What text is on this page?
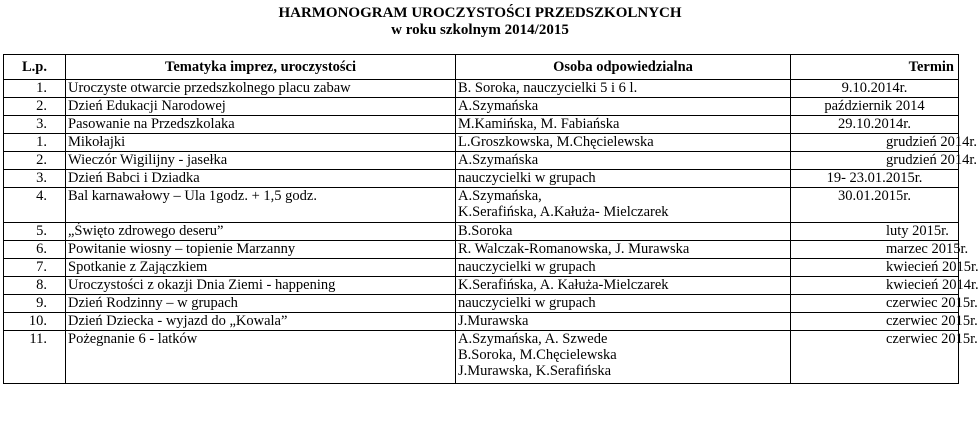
HARMONOGRAM UROCZYSTOŚCI PRZEDSZKOLNYCH
w roku szkolnym 2014/2015
L.p.	Tematyka imprez, uroczystości	Osoba odpowiedzialna	Termin
1.	Uroczyste otwarcie przedszkolnego placu zabaw	B. Soroka, nauczycielki 5 i 6 l.	9.10.2014r.
2.	Dzień Edukacji Narodowej	A.Szymańska	październik 2014
3.	Pasowanie na Przedszkolaka	M.Kamińska, M. Fabiańska	29.10.2014r.
1.	Mikołajki	L.Groszkowska, M.Chęcielewska	grudzień 2014r.
2.	Wieczór Wigilijny - jasełka	A.Szymańska	grudzień 2014r.
3.	Dzień Babci i Dziadka	nauczycielki w grupach	19- 23.01.2015r.
4.	Bal karnawałowy – Ula 1godz. + 1,5 godz.	A.Szymańska,
K.Serafińska, A.Kałuża- Mielczarek	30.01.2015r.
5.	„Święto zdrowego deseru”	B.Soroka	luty 2015r.
6.	Powitanie wiosny – topienie Marzanny	R. Walczak-Romanowska, J. Murawska	marzec 2015r.
7.	Spotkanie z Zajączkiem	nauczycielki w grupach	kwiecień 2015r.
8.	Uroczystości z okazji Dnia Ziemi - happening	K.Serafińska, A. Kałuża-Mielczarek	kwiecień 2014r.
9.	Dzień Rodzinny – w grupach	nauczycielki w grupach	czerwiec 2015r.
10.	Dzień Dziecka - wyjazd do „Kowala”	J.Murawska	czerwiec 2015r.
11.	Pożegnanie 6 - latków	A.Szymańska, A. Szwede
B.Soroka, M.Chęcielewska
J.Murawska, K.Serafińska	czerwiec 2015r.
